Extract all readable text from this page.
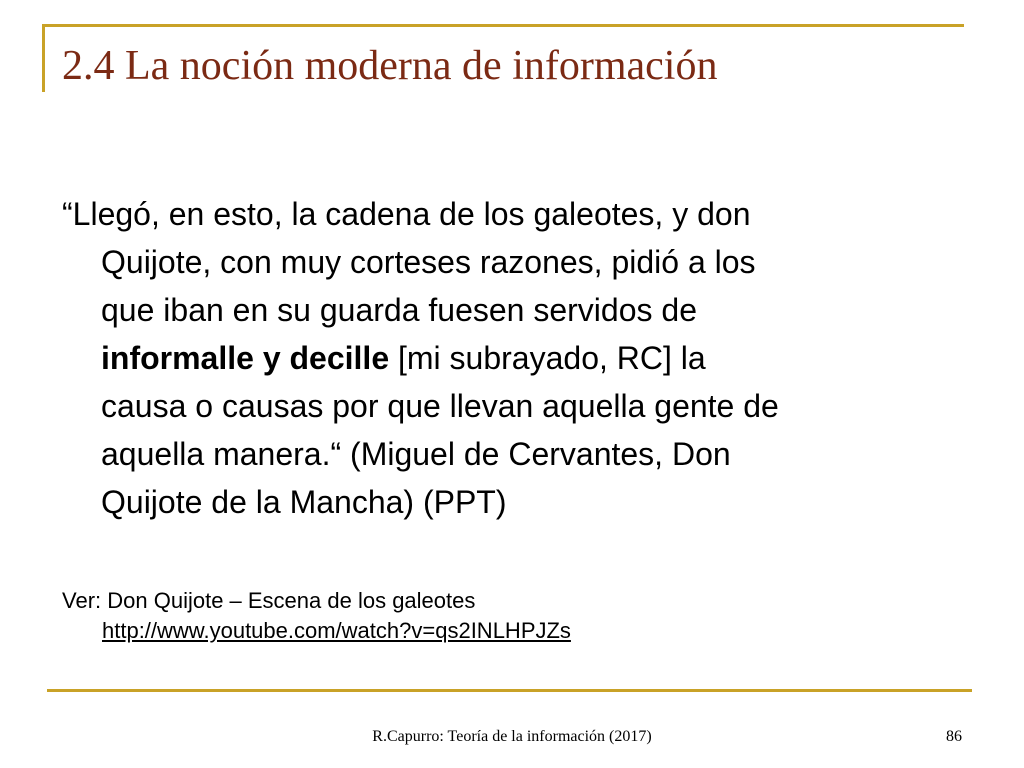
2.4 La noción moderna de información
“Llegó, en esto, la cadena de los galeotes, y don
Quijote, con muy corteses razones, pidió a los
que iban en su guarda fuesen servidos de
informalle y decille [mi subrayado, RC] la
causa o causas por que llevan aquella gente de
aquella manera.“ (Miguel de Cervantes, Don
Quijote de la Mancha) (PPT)
Ver: Don Quijote – Escena de los galeotes
http://www.youtube.com/watch?v=qs2INLHPJZs
R.Capurro: Teoría de la información (2017)	86
